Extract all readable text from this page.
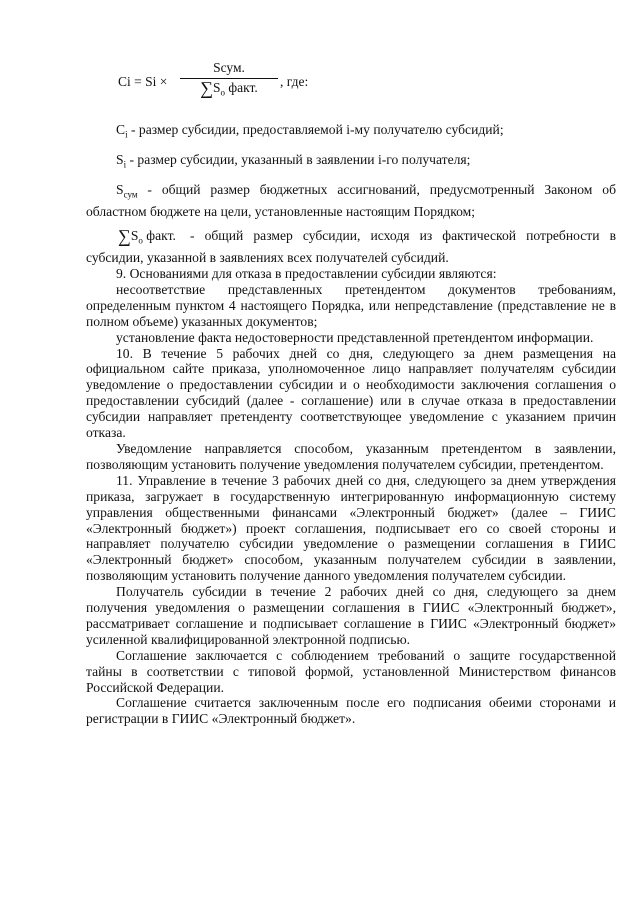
Ci = Si ×
Sсум.
$\sum S_о$ факт.	, где:

$C_i$ - размер субсидии, предоставляемой i-му получателю субсидий;

$S_i$ - размер субсидии, указанный в заявлении i-го получателя;

$S_{сум}$ - общий размер бюджетных ассигнований, предусмотренный Законом об областном бюджете на цели, установленные настоящим Порядком;

$\sum S_о$ факт. - общий размер субсидии, исходя из фактической потребности в субсидии, указанной в заявлениях всех получателей субсидий.

9. Основаниями для отказа в предоставлении субсидии являются:

несоответствие представленных претендентом документов требованиям, определенным пунктом 4 настоящего Порядка, или непредставление (представление не в полном объеме) указанных документов;

установление факта недостоверности представленной претендентом информации.

10. В течение 5 рабочих дней со дня, следующего за днем размещения на официальном сайте приказа, уполномоченное лицо направляет получателям субсидии уведомление о предоставлении субсидии и о необходимости заключения соглашения о предоставлении субсидий (далее - соглашение) или в случае отказа в предоставлении субсидии направляет претенденту соответствующее уведомление с указанием причин отказа.

Уведомление направляется способом, указанным претендентом в заявлении, позволяющим установить получение уведомления получателем субсидии, претендентом.

11. Управление в течение 3 рабочих дней со дня, следующего за днем утверждения приказа, загружает в государственную интегрированную информационную систему управления общественными финансами «Электронный бюджет» (далее – ГИИС «Электронный бюджет») проект соглашения, подписывает его со своей стороны и направляет получателю субсидии уведомление о размещении соглашения в ГИИС «Электронный бюджет» способом, указанным получателем субсидии в заявлении, позволяющим установить получение данного уведомления получателем субсидии.

Получатель субсидии в течение 2 рабочих дней со дня, следующего за днем получения уведомления о размещении соглашения в ГИИС «Электронный бюджет», рассматривает соглашение и подписывает соглашение в ГИИС «Электронный бюджет» усиленной квалифицированной электронной подписью.

Соглашение заключается с соблюдением требований о защите государственной тайны в соответствии с типовой формой, установленной Министерством финансов Российской Федерации.

Соглашение считается заключенным после его подписания обеими сторонами и регистрации в ГИИС «Электронный бюджет».
